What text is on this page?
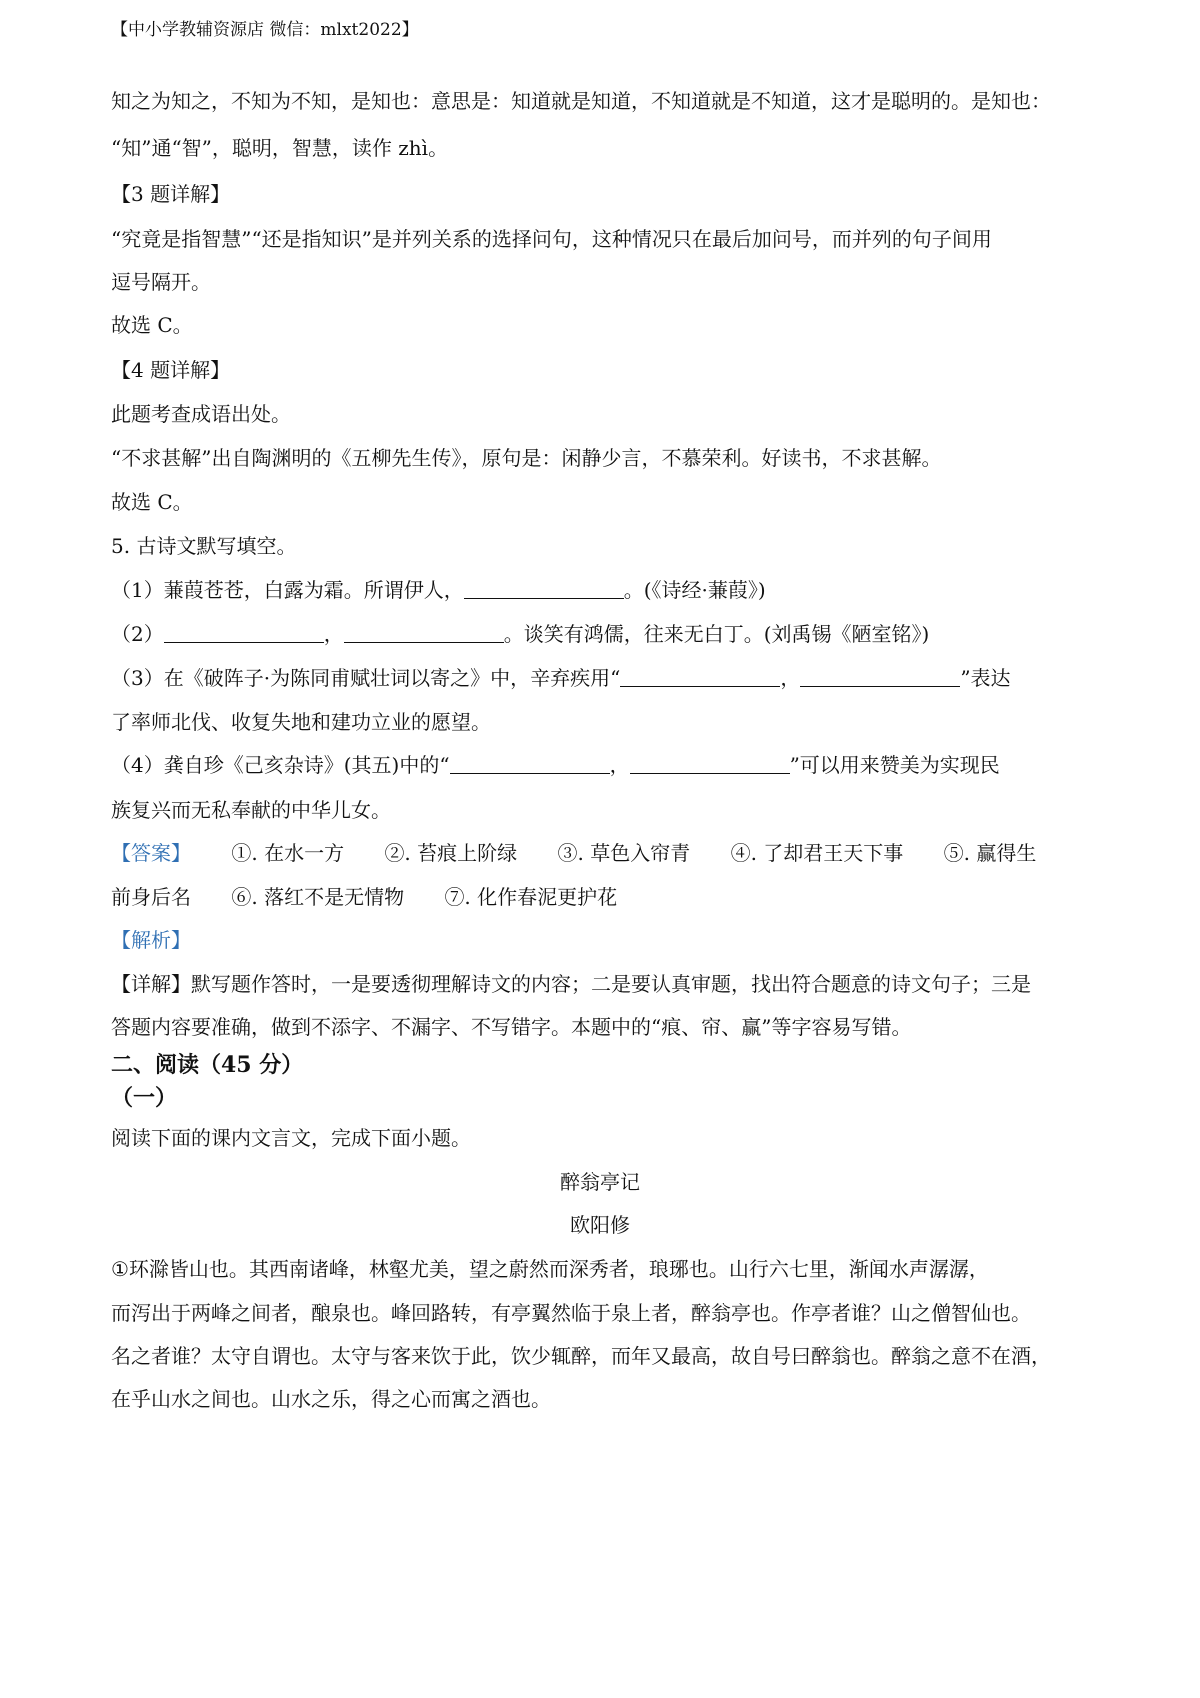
【中小学教辅资源店 微信：mlxt2022】
知之为知之，不知为不知，是知也：意思是：知道就是知道，不知道就是不知道，这才是聪明的。是知也：
“知”通“智”，聪明，智慧，读作 zhì。
【3 题详解】
“究竟是指智慧”“还是指知识”是并列关系的选择问句，这种情况只在最后加问号，而并列的句子间用
逗号隔开。
故选 C。
【4 题详解】
此题考查成语出处。
“不求甚解”出自陶渊明的《五柳先生传》，原句是：闲静少言，不慕荣利。好读书，不求甚解。
故选 C。
5. 古诗文默写填空。
（1）蒹葭苍苍，白露为霜。所谓伊人，	。(《诗经·蒹葭》)
（2）	，	。谈笑有鸿儒，往来无白丁。(刘禹锡《陋室铭》)
（3）在《破阵子·为陈同甫赋壮词以寄之》中，辛弃疾用“	，	”表达
了率师北伐、收复失地和建功立业的愿望。
（4）龚自珍《己亥杂诗》(其五)中的“	，	”可以用来赞美为实现民
族复兴而无私奉献的中华儿女。
【答案】 ①. 在水一方 ②. 苔痕上阶绿 ③. 草色入帘青 ④. 了却君王天下事 ⑤. 赢得生
前身后名 ⑥. 落红不是无情物 ⑦. 化作春泥更护花
【解析】
【详解】默写题作答时，一是要透彻理解诗文的内容；二是要认真审题，找出符合题意的诗文句子；三是
答题内容要准确，做到不添字、不漏字、不写错字。本题中的“痕、帘、赢”等字容易写错。
二、阅读（45 分）
（一）
阅读下面的课内文言文，完成下面小题。
醉翁亭记
欧阳修
①环滁皆山也。其西南诸峰，林壑尤美，望之蔚然而深秀者，琅琊也。山行六七里，渐闻水声潺潺，
而泻出于两峰之间者，酿泉也。峰回路转，有亭翼然临于泉上者，醉翁亭也。作亭者谁？山之僧智仙也。
名之者谁？太守自谓也。太守与客来饮于此，饮少辄醉，而年又最高，故自号曰醉翁也。醉翁之意不在酒，
在乎山水之间也。山水之乐，得之心而寓之酒也。
